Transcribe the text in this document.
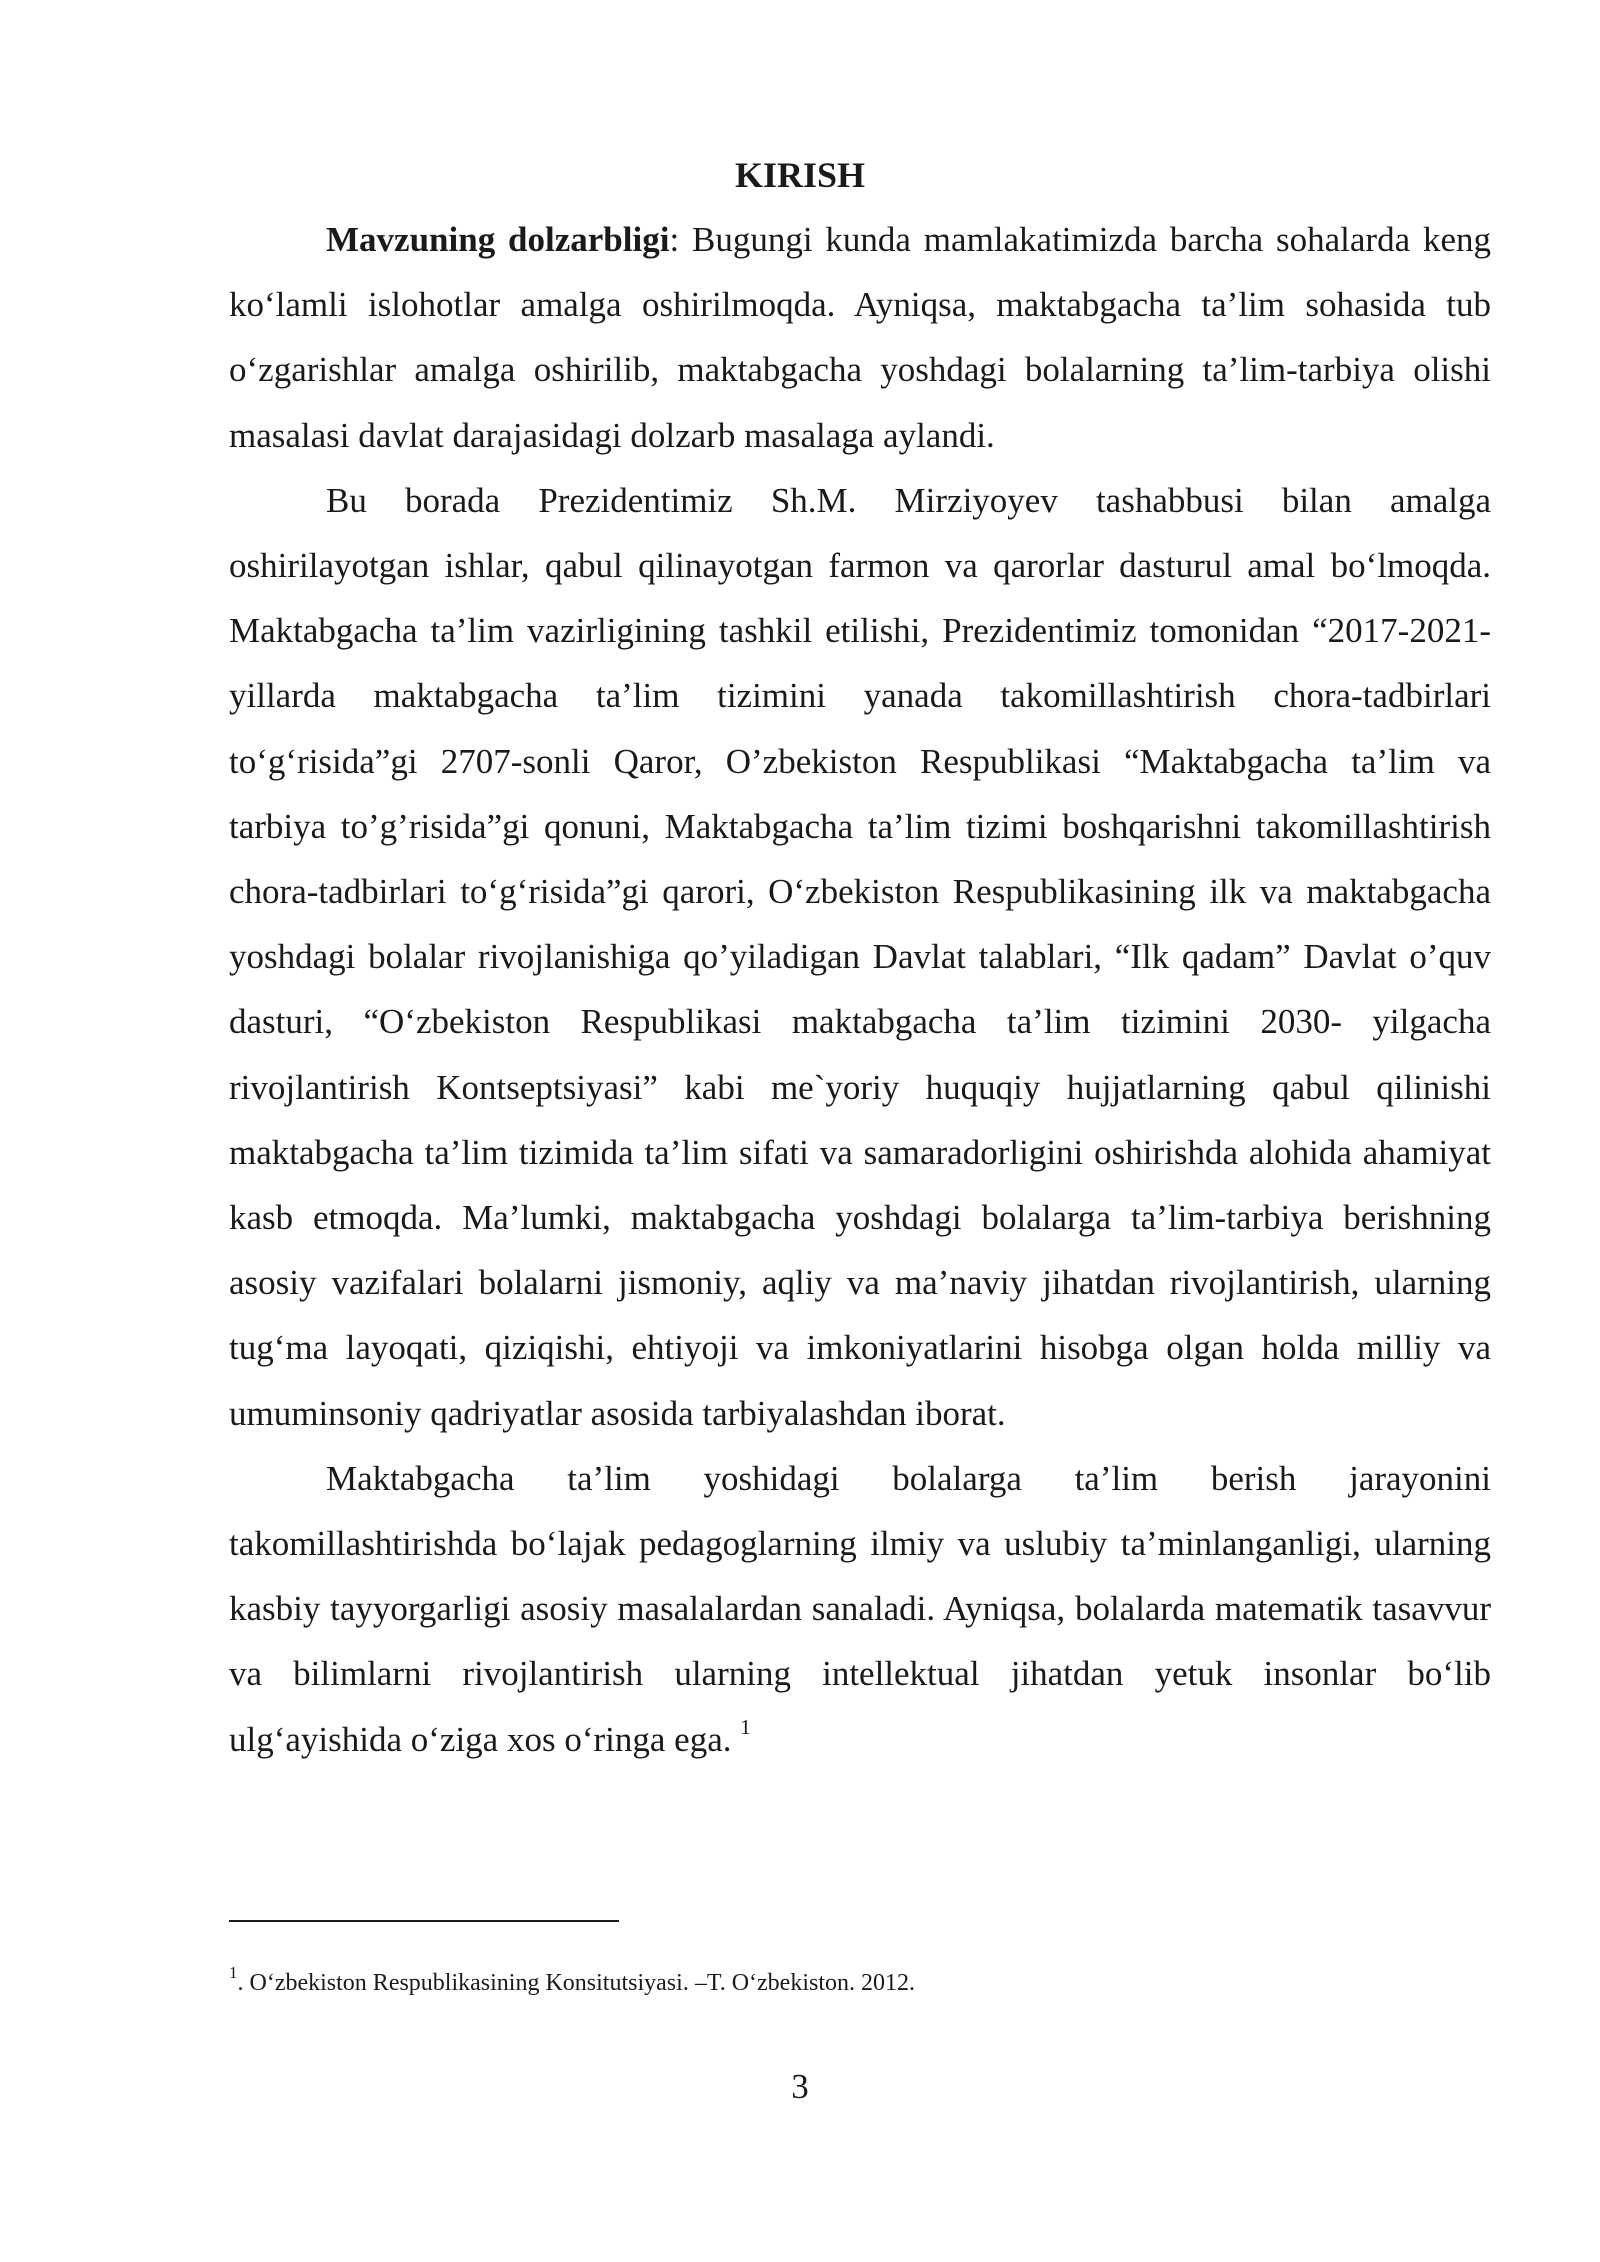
KIRISH

Mavzuning dolzarbligi: Bugungi kunda mamlakatimizda barcha sohalarda keng ko‘lamli islohotlar amalga oshirilmoqda. Ayniqsa, maktabgacha ta’lim sohasida tub o‘zgarishlar amalga oshirilib, maktabgacha yoshdagi bolalarning ta’lim-tarbiya olishi masalasi davlat darajasidagi dolzarb masalaga aylandi.

Bu borada Prezidentimiz Sh.M. Mirziyoyev tashabbusi bilan amalga oshirilayotgan ishlar, qabul qilinayotgan farmon va qarorlar dasturul amal bo‘lmoqda. Maktabgacha ta’lim vazirligining tashkil etilishi, Prezidentimiz tomonidan “2017-2021-yillarda maktabgacha ta’lim tizimini yanada takomillashtirish chora-tadbirlari to‘g‘risida”gi 2707-sonli Qaror, O’zbekiston Respublikasi “Maktabgacha ta’lim va tarbiya to’g’risida”gi qonuni, Maktabgacha ta’lim tizimi boshqarishni takomillashtirish chora-tadbirlari to‘g‘risida”gi qarori, O‘zbekiston Respublikasining ilk va maktabgacha yoshdagi bolalar rivojlanishiga qo’yiladigan Davlat talablari, “Ilk qadam” Davlat o’quv dasturi, “O‘zbekiston Respublikasi maktabgacha ta’lim tizimini 2030- yilgacha rivojlantirish Kontseptsiyasi” kabi me`yoriy huquqiy hujjatlarning qabul qilinishi maktabgacha ta’lim tizimida ta’lim sifati va samaradorligini oshirishda alohida ahamiyat kasb etmoqda. Ma’lumki, maktabgacha yoshdagi bolalarga ta’lim-tarbiya berishning asosiy vazifalari bolalarni jismoniy, aqliy va ma’naviy jihatdan rivojlantirish, ularning tug‘ma layoqati, qiziqishi, ehtiyoji va imkoniyatlarini hisobga olgan holda milliy va umuminsoniy qadriyatlar asosida tarbiyalashdan iborat.

Maktabgacha ta’lim yoshidagi bolalarga ta’lim berish jarayonini takomillashtirishda bo‘lajak pedagoglarning ilmiy va uslubiy ta’minlanganligi, ularning kasbiy tayyorgarligi asosiy masalalardan sanaladi. Ayniqsa, bolalarda matematik tasavvur va bilimlarni rivojlantirish ularning intellektual jihatdan yetuk insonlar bo‘lib ulg‘ayishida o‘ziga xos o‘ringa ega. $^1$

$^1$. O‘zbekiston Respublikasining Konsitutsiyasi. –T. O‘zbekiston. 2012.

3
